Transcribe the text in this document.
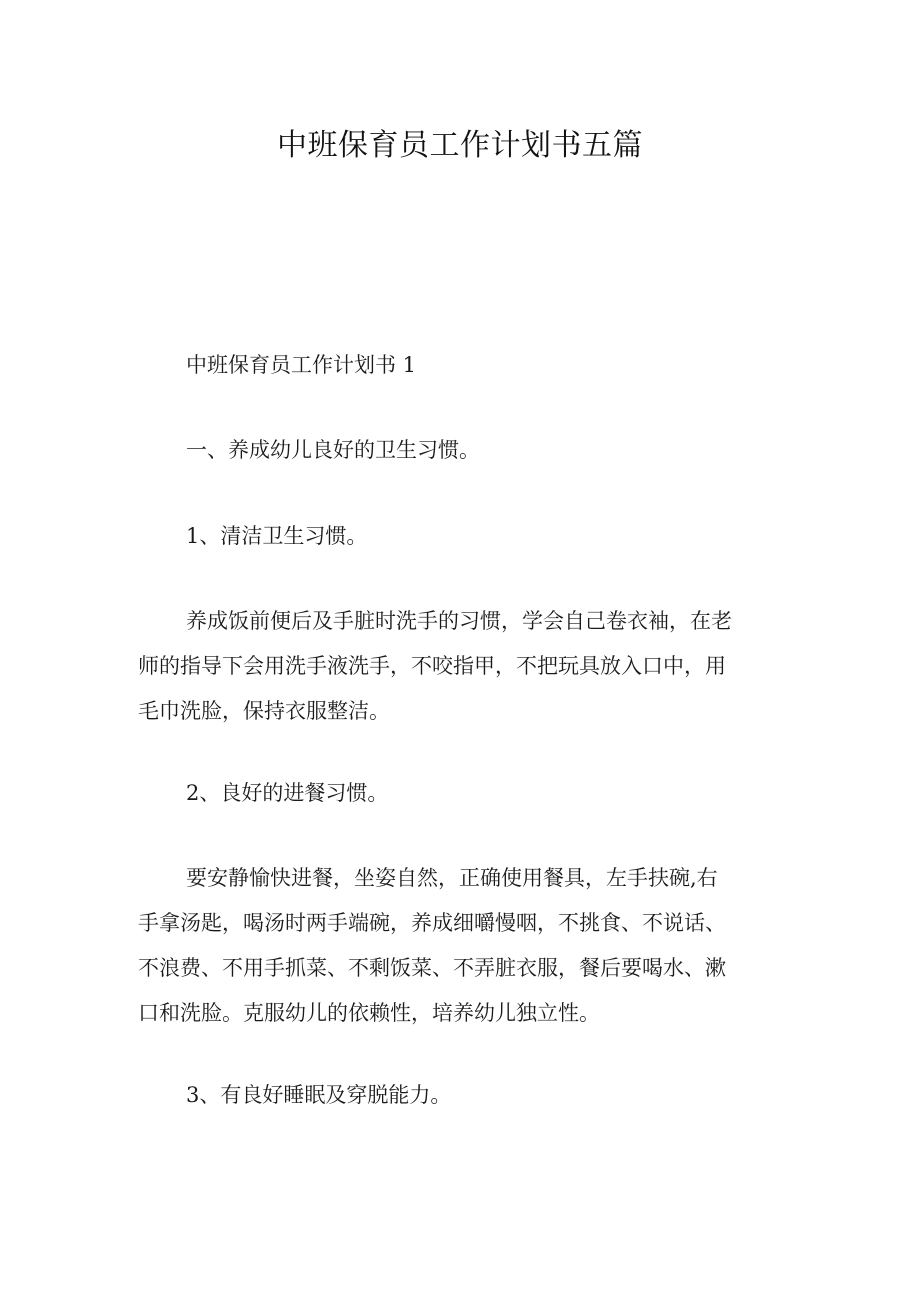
中班保育员工作计划书五篇
中班保育员工作计划书 1
一、养成幼儿良好的卫生习惯。
1、清洁卫生习惯。
养成饭前便后及手脏时洗手的习惯，学会自己卷衣袖，在老
师的指导下会用洗手液洗手，不咬指甲，不把玩具放入口中，用
毛巾洗脸，保持衣服整洁。
2、良好的进餐习惯。
要安静愉快进餐，坐姿自然，正确使用餐具，左手扶碗,右
手拿汤匙，喝汤时两手端碗，养成细嚼慢咽，不挑食、不说话、
不浪费、不用手抓菜、不剩饭菜、不弄脏衣服，餐后要喝水、漱
口和洗脸。克服幼儿的依赖性，培养幼儿独立性。
3、有良好睡眠及穿脱能力。
